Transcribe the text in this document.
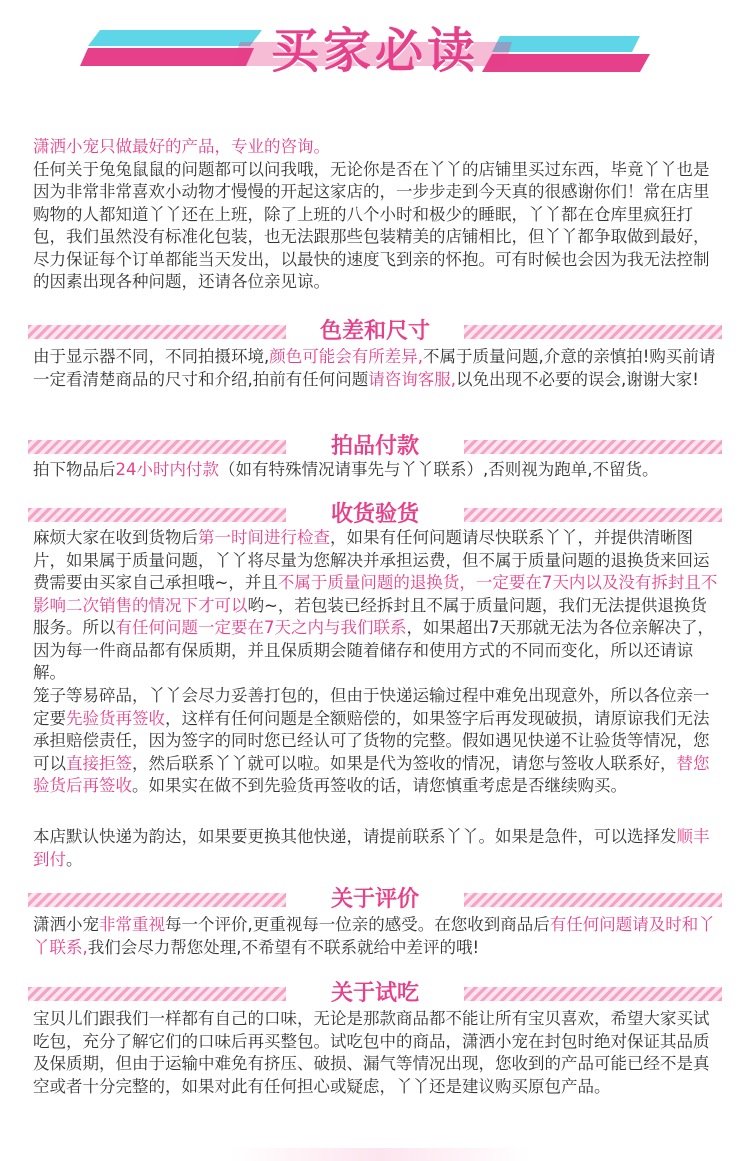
买家必读

潇洒小宠只做最好的产品，专业的咨询。
任何关于兔兔鼠鼠的问题都可以问我哦，无论你是否在丫丫的店铺里买过东西，毕竟丫丫也是因为非常非常喜欢小动物才慢慢的开起这家店的，一步步走到今天真的很感谢你们！常在店里购物的人都知道丫丫还在上班，除了上班的八个小时和极少的睡眠，丫丫都在仓库里疯狂打包，我们虽然没有标准化包装，也无法跟那些包装精美的店铺相比，但丫丫都争取做到最好，尽力保证每个订单都能当天发出，以最快的速度飞到亲的怀抱。可有时候也会因为我无法控制的因素出现各种问题，还请各位亲见谅。

色差和尺寸

由于显示器不同，不同拍摄环境,颜色可能会有所差异,不属于质量问题,介意的亲慎拍!购买前请一定看清楚商品的尺寸和介绍,拍前有任何问题请咨询客服,以免出现不必要的误会,谢谢大家!

拍品付款

拍下物品后24小时内付款（如有特殊情况请事先与丫丫联系）,否则视为跑单,不留货。

收货验货

麻烦大家在收到货物后第一时间进行检查，如果有任何问题请尽快联系丫丫，并提供清晰图片，如果属于质量问题，丫丫将尽量为您解决并承担运费，但不属于质量问题的退换货来回运费需要由买家自己承担哦~，并且不属于质量问题的退换货，一定要在7天内以及没有拆封且不影响二次销售的情况下才可以哟~，若包装已经拆封且不属于质量问题，我们无法提供退换货服务。所以有任何问题一定要在7天之内与我们联系，如果超出7天那就无法为各位亲解决了，因为每一件商品都有保质期，并且保质期会随着储存和使用方式的不同而变化，所以还请谅解。

笼子等易碎品，丫丫会尽力妥善打包的，但由于快递运输过程中难免出现意外，所以各位亲一定要先验货再签收，这样有任何问题是全额赔偿的，如果签字后再发现破损，请原谅我们无法承担赔偿责任，因为签字的同时您已经认可了货物的完整。假如遇见快递不让验货等情况，您可以直接拒签，然后联系丫丫就可以啦。如果是代为签收的情况，请您与签收人联系好，替您验货后再签收。如果实在做不到先验货再签收的话，请您慎重考虑是否继续购买。

本店默认快递为韵达，如果要更换其他快递，请提前联系丫丫。如果是急件，可以选择发顺丰到付。

关于评价

潇洒小宠非常重视每一个评价,更重视每一位亲的感受。在您收到商品后有任何问题请及时和丫丫联系,我们会尽力帮您处理,不希望有不联系就给中差评的哦!

关于试吃

宝贝儿们跟我们一样都有自己的口味，无论是那款商品都不能让所有宝贝喜欢，希望大家买试吃包，充分了解它们的口味后再买整包。试吃包中的商品，潇洒小宠在封包时绝对保证其品质及保质期，但由于运输中难免有挤压、破损、漏气等情况出现，您收到的产品可能已经不是真空或者十分完整的，如果对此有任何担心或疑虑，丫丫还是建议购买原包产品。
